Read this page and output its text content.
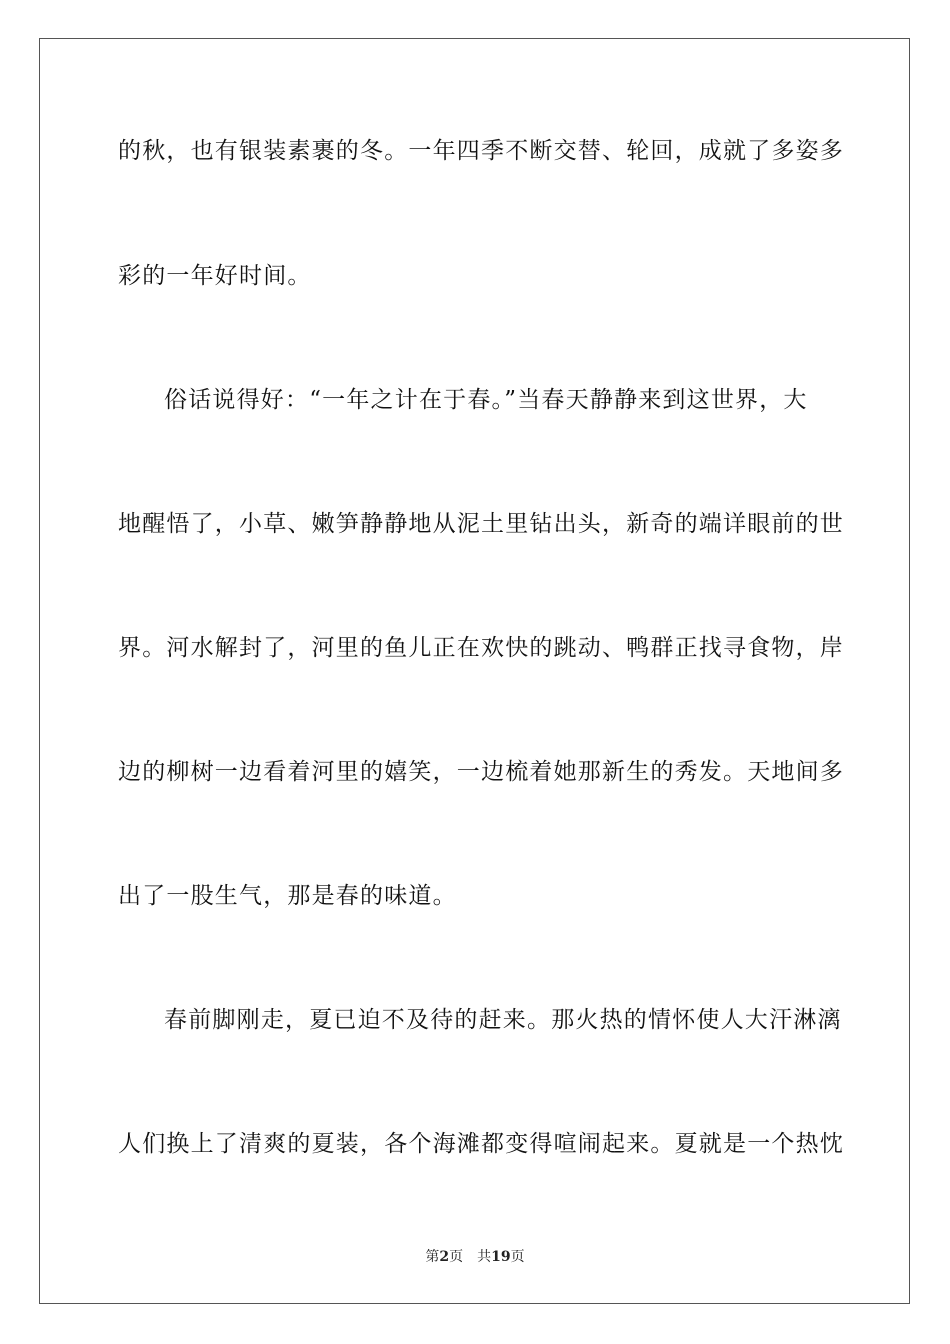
的秋，也有银装素裹的冬。一年四季不断交替、轮回，成就了多姿多
彩的一年好时间。
俗话说得好：“一年之计在于春。”当春天静静来到这世界，大
地醒悟了，小草、嫩笋静静地从泥土里钻出头，新奇的端详眼前的世
界。河水解封了，河里的鱼儿正在欢快的跳动、鸭群正找寻食物，岸
边的柳树一边看着河里的嬉笑，一边梳着她那新生的秀发。天地间多
出了一股生气，那是春的味道。
春前脚刚走，夏已迫不及待的赶来。那火热的情怀使人大汗淋漓
人们换上了清爽的夏装，各个海滩都变得喧闹起来。夏就是一个热忱
第2页 共19页
